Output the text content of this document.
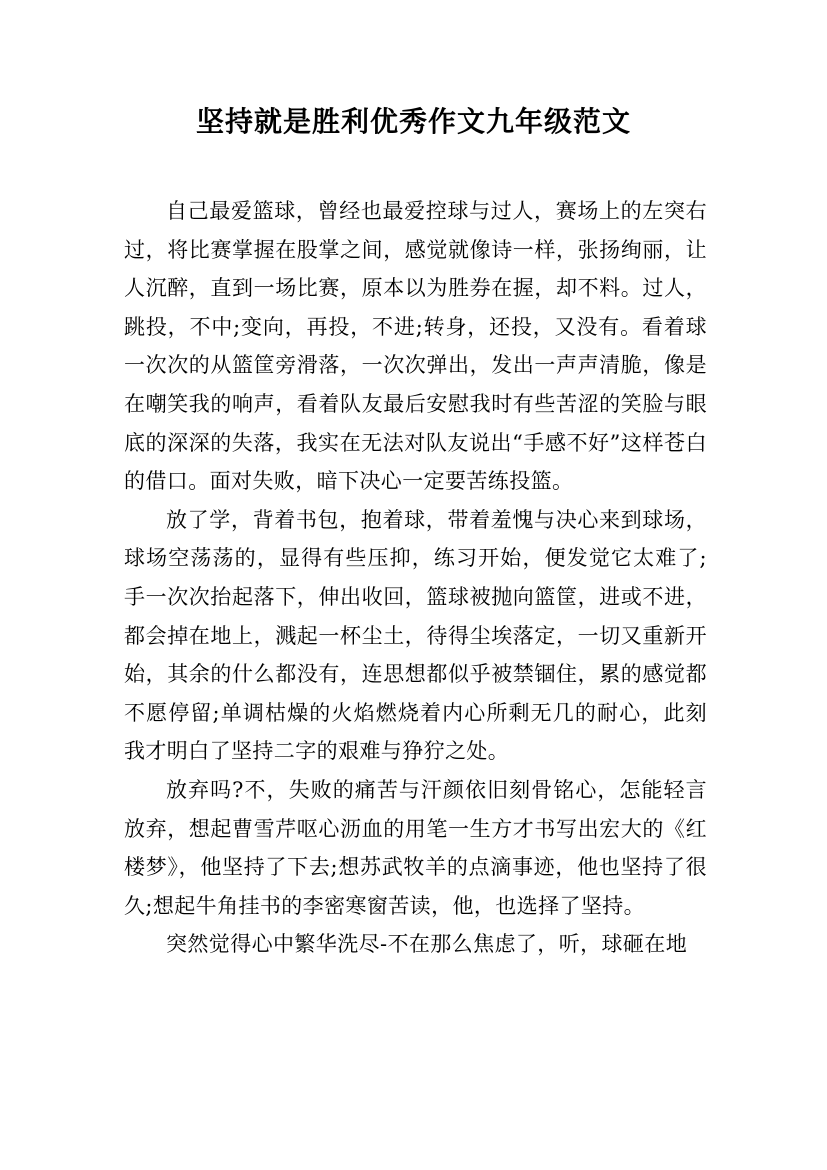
坚持就是胜利优秀作文九年级范文

自己最爱篮球，曾经也最爱控球与过人，赛场上的左突右过，将比赛掌握在股掌之间，感觉就像诗一样，张扬绚丽，让人沉醉，直到一场比赛，原本以为胜券在握，却不料。过人，跳投，不中;变向，再投，不进;转身，还投，又没有。看着球一次次的从篮筐旁滑落，一次次弹出，发出一声声清脆，像是在嘲笑我的响声，看着队友最后安慰我时有些苦涩的笑脸与眼底的深深的失落，我实在无法对队友说出“手感不好”这样苍白的借口。面对失败，暗下决心一定要苦练投篮。

放了学，背着书包，抱着球，带着羞愧与决心来到球场，球场空荡荡的，显得有些压抑，练习开始，便发觉它太难了;手一次次抬起落下，伸出收回，篮球被抛向篮筐，进或不进，都会掉在地上，溅起一杯尘土，待得尘埃落定，一切又重新开始，其余的什么都没有，连思想都似乎被禁锢住，累的感觉都不愿停留;单调枯燥的火焰燃烧着内心所剩无几的耐心，此刻我才明白了坚持二字的艰难与狰狞之处。

放弃吗?不，失败的痛苦与汗颜依旧刻骨铭心，怎能轻言放弃，想起曹雪芹呕心沥血的用笔一生方才书写出宏大的《红楼梦》，他坚持了下去;想苏武牧羊的点滴事迹，他也坚持了很久;想起牛角挂书的李密寒窗苦读，他，也选择了坚持。

突然觉得心中繁华洗尽-不在那么焦虑了，听，球砸在地
